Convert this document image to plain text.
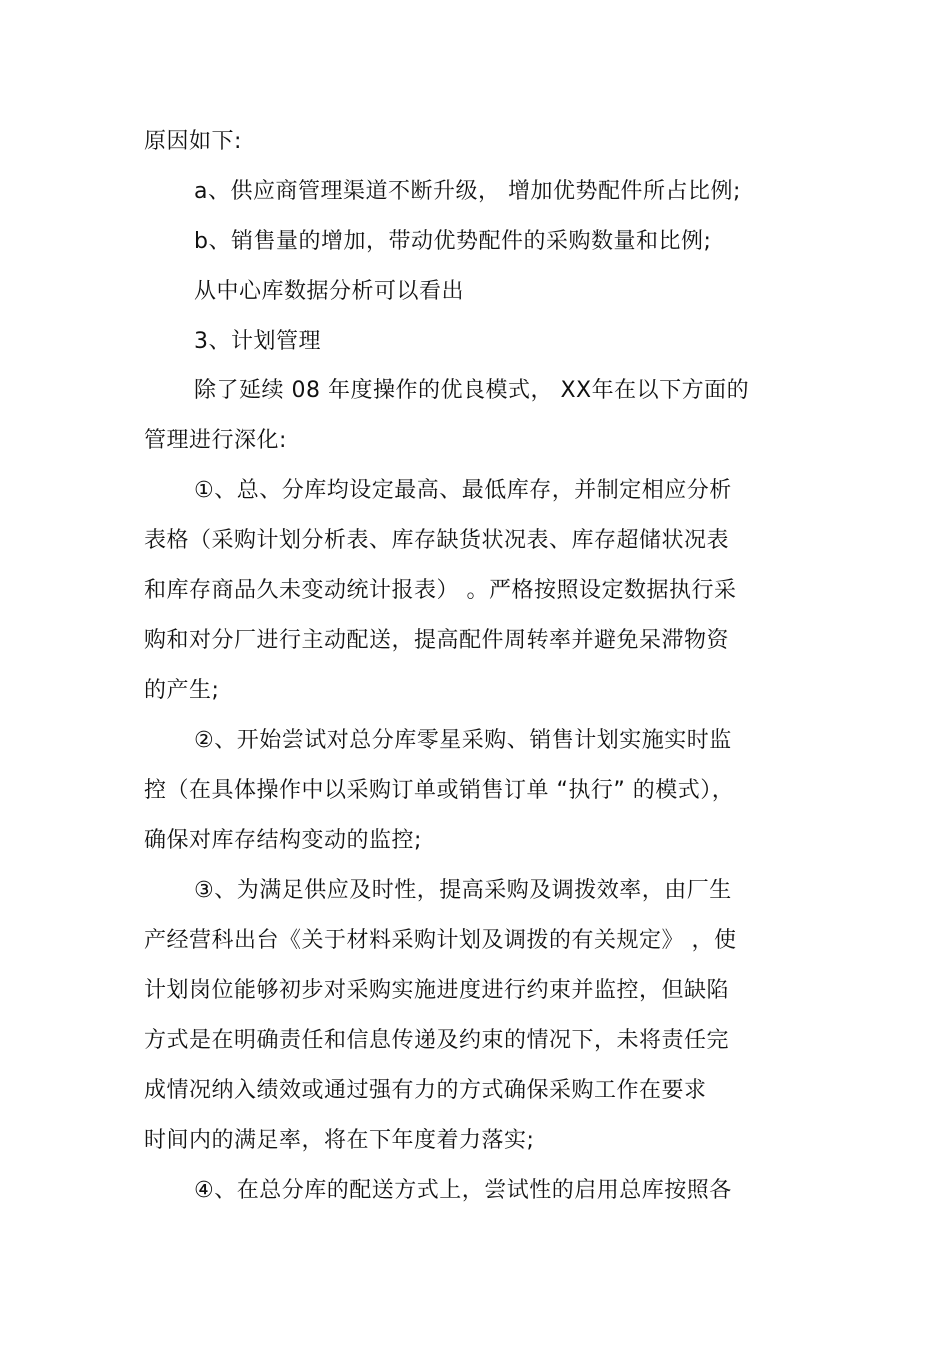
原因如下:
a、供应商管理渠道不断升级， 增加优势配件所占比例;
b、销售量的增加，带动优势配件的采购数量和比例;
从中心库数据分析可以看出
3、计划管理
除了延续 08 年度操作的优良模式， XX年在以下方面的
管理进行深化:
①、总、分库均设定最高、最低库存，并制定相应分析
表格（采购计划分析表、库存缺货状况表、库存超储状况表
和库存商品久未变动统计报表） 。严格按照设定数据执行采
购和对分厂进行主动配送，提高配件周转率并避免呆滞物资
的产生;
②、开始尝试对总分库零星采购、销售计划实施实时监
控（在具体操作中以采购订单或销售订单 “执行” 的模式），
确保对库存结构变动的监控;
③、为满足供应及时性，提高采购及调拨效率，由厂生
产经营科出台《关于材料采购计划及调拨的有关规定》 ，使
计划岗位能够初步对采购实施进度进行约束并监控，但缺陷
方式是在明确责任和信息传递及约束的情况下，未将责任完
成情况纳入绩效或通过强有力的方式确保采购工作在要求
时间内的满足率，将在下年度着力落实;
④、在总分库的配送方式上，尝试性的启用总库按照各
